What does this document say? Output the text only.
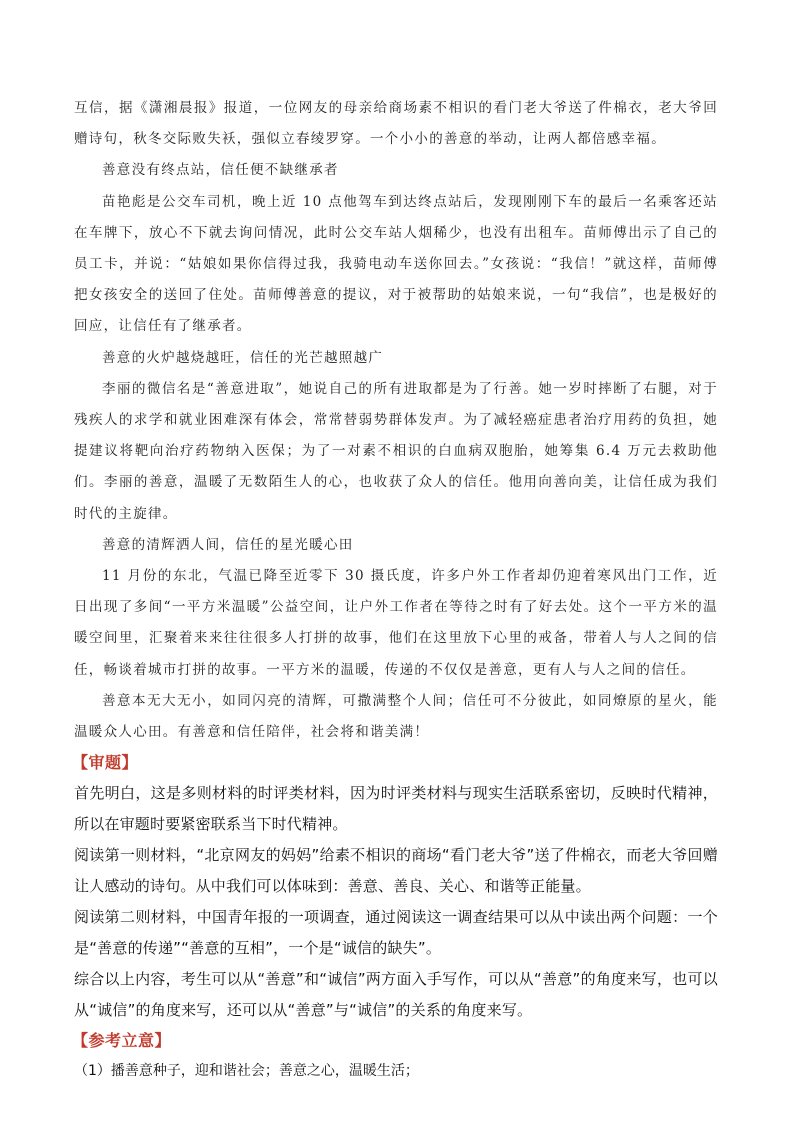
互信，据《潇湘晨报》报道，一位网友的母亲给商场素不相识的看门老大爷送了件棉衣，老大爷回赠诗句，秋冬交际败失袄，强似立春绫罗穿。一个小小的善意的举动，让两人都倍感幸福。

善意没有终点站，信任便不缺继承者

苗艳彪是公交车司机，晚上近 10 点他驾车到达终点站后，发现刚刚下车的最后一名乘客还站在车牌下，放心不下就去询问情况，此时公交车站人烟稀少，也没有出租车。苗师傅出示了自己的员工卡，并说：“姑娘如果你信得过我，我骑电动车送你回去。”女孩说：“我信！”就这样，苗师傅把女孩安全的送回了住处。苗师傅善意的提议，对于被帮助的姑娘来说，一句“我信”，也是极好的回应，让信任有了继承者。

善意的火炉越烧越旺，信任的光芒越照越广

李丽的微信名是“善意进取”，她说自己的所有进取都是为了行善。她一岁时摔断了右腿，对于残疾人的求学和就业困难深有体会，常常替弱势群体发声。为了减轻癌症患者治疗用药的负担，她提建议将靶向治疗药物纳入医保；为了一对素不相识的白血病双胞胎，她筹集 6.4 万元去救助他们。李丽的善意，温暖了无数陌生人的心，也收获了众人的信任。他用向善向美，让信任成为我们时代的主旋律。

善意的清辉洒人间，信任的星光暖心田

11 月份的东北，气温已降至近零下 30 摄氏度，许多户外工作者却仍迎着寒风出门工作，近日出现了多间“一平方米温暖”公益空间，让户外工作者在等待之时有了好去处。这个一平方米的温暖空间里，汇聚着来来往往很多人打拼的故事，他们在这里放下心里的戒备，带着人与人之间的信任，畅谈着城市打拼的故事。一平方米的温暖，传递的不仅仅是善意，更有人与人之间的信任。

善意本无大无小，如同闪亮的清辉，可撒满整个人间；信任可不分彼此，如同燎原的星火，能温暖众人心田。有善意和信任陪伴，社会将和谐美满！

【审题】

首先明白，这是多则材料的时评类材料，因为时评类材料与现实生活联系密切，反映时代精神，所以在审题时要紧密联系当下时代精神。

阅读第一则材料，“北京网友的妈妈”给素不相识的商场“看门老大爷”送了件棉衣，而老大爷回赠让人感动的诗句。从中我们可以体味到：善意、善良、关心、和谐等正能量。

阅读第二则材料，中国青年报的一项调查，通过阅读这一调查结果可以从中读出两个问题：一个是“善意的传递”“善意的互相”，一个是“诚信的缺失”。

综合以上内容，考生可以从“善意”和“诚信”两方面入手写作，可以从“善意”的角度来写，也可以从“诚信”的角度来写，还可以从“善意”与“诚信”的关系的角度来写。

【参考立意】

（1）播善意种子，迎和谐社会；善意之心，温暖生活；
